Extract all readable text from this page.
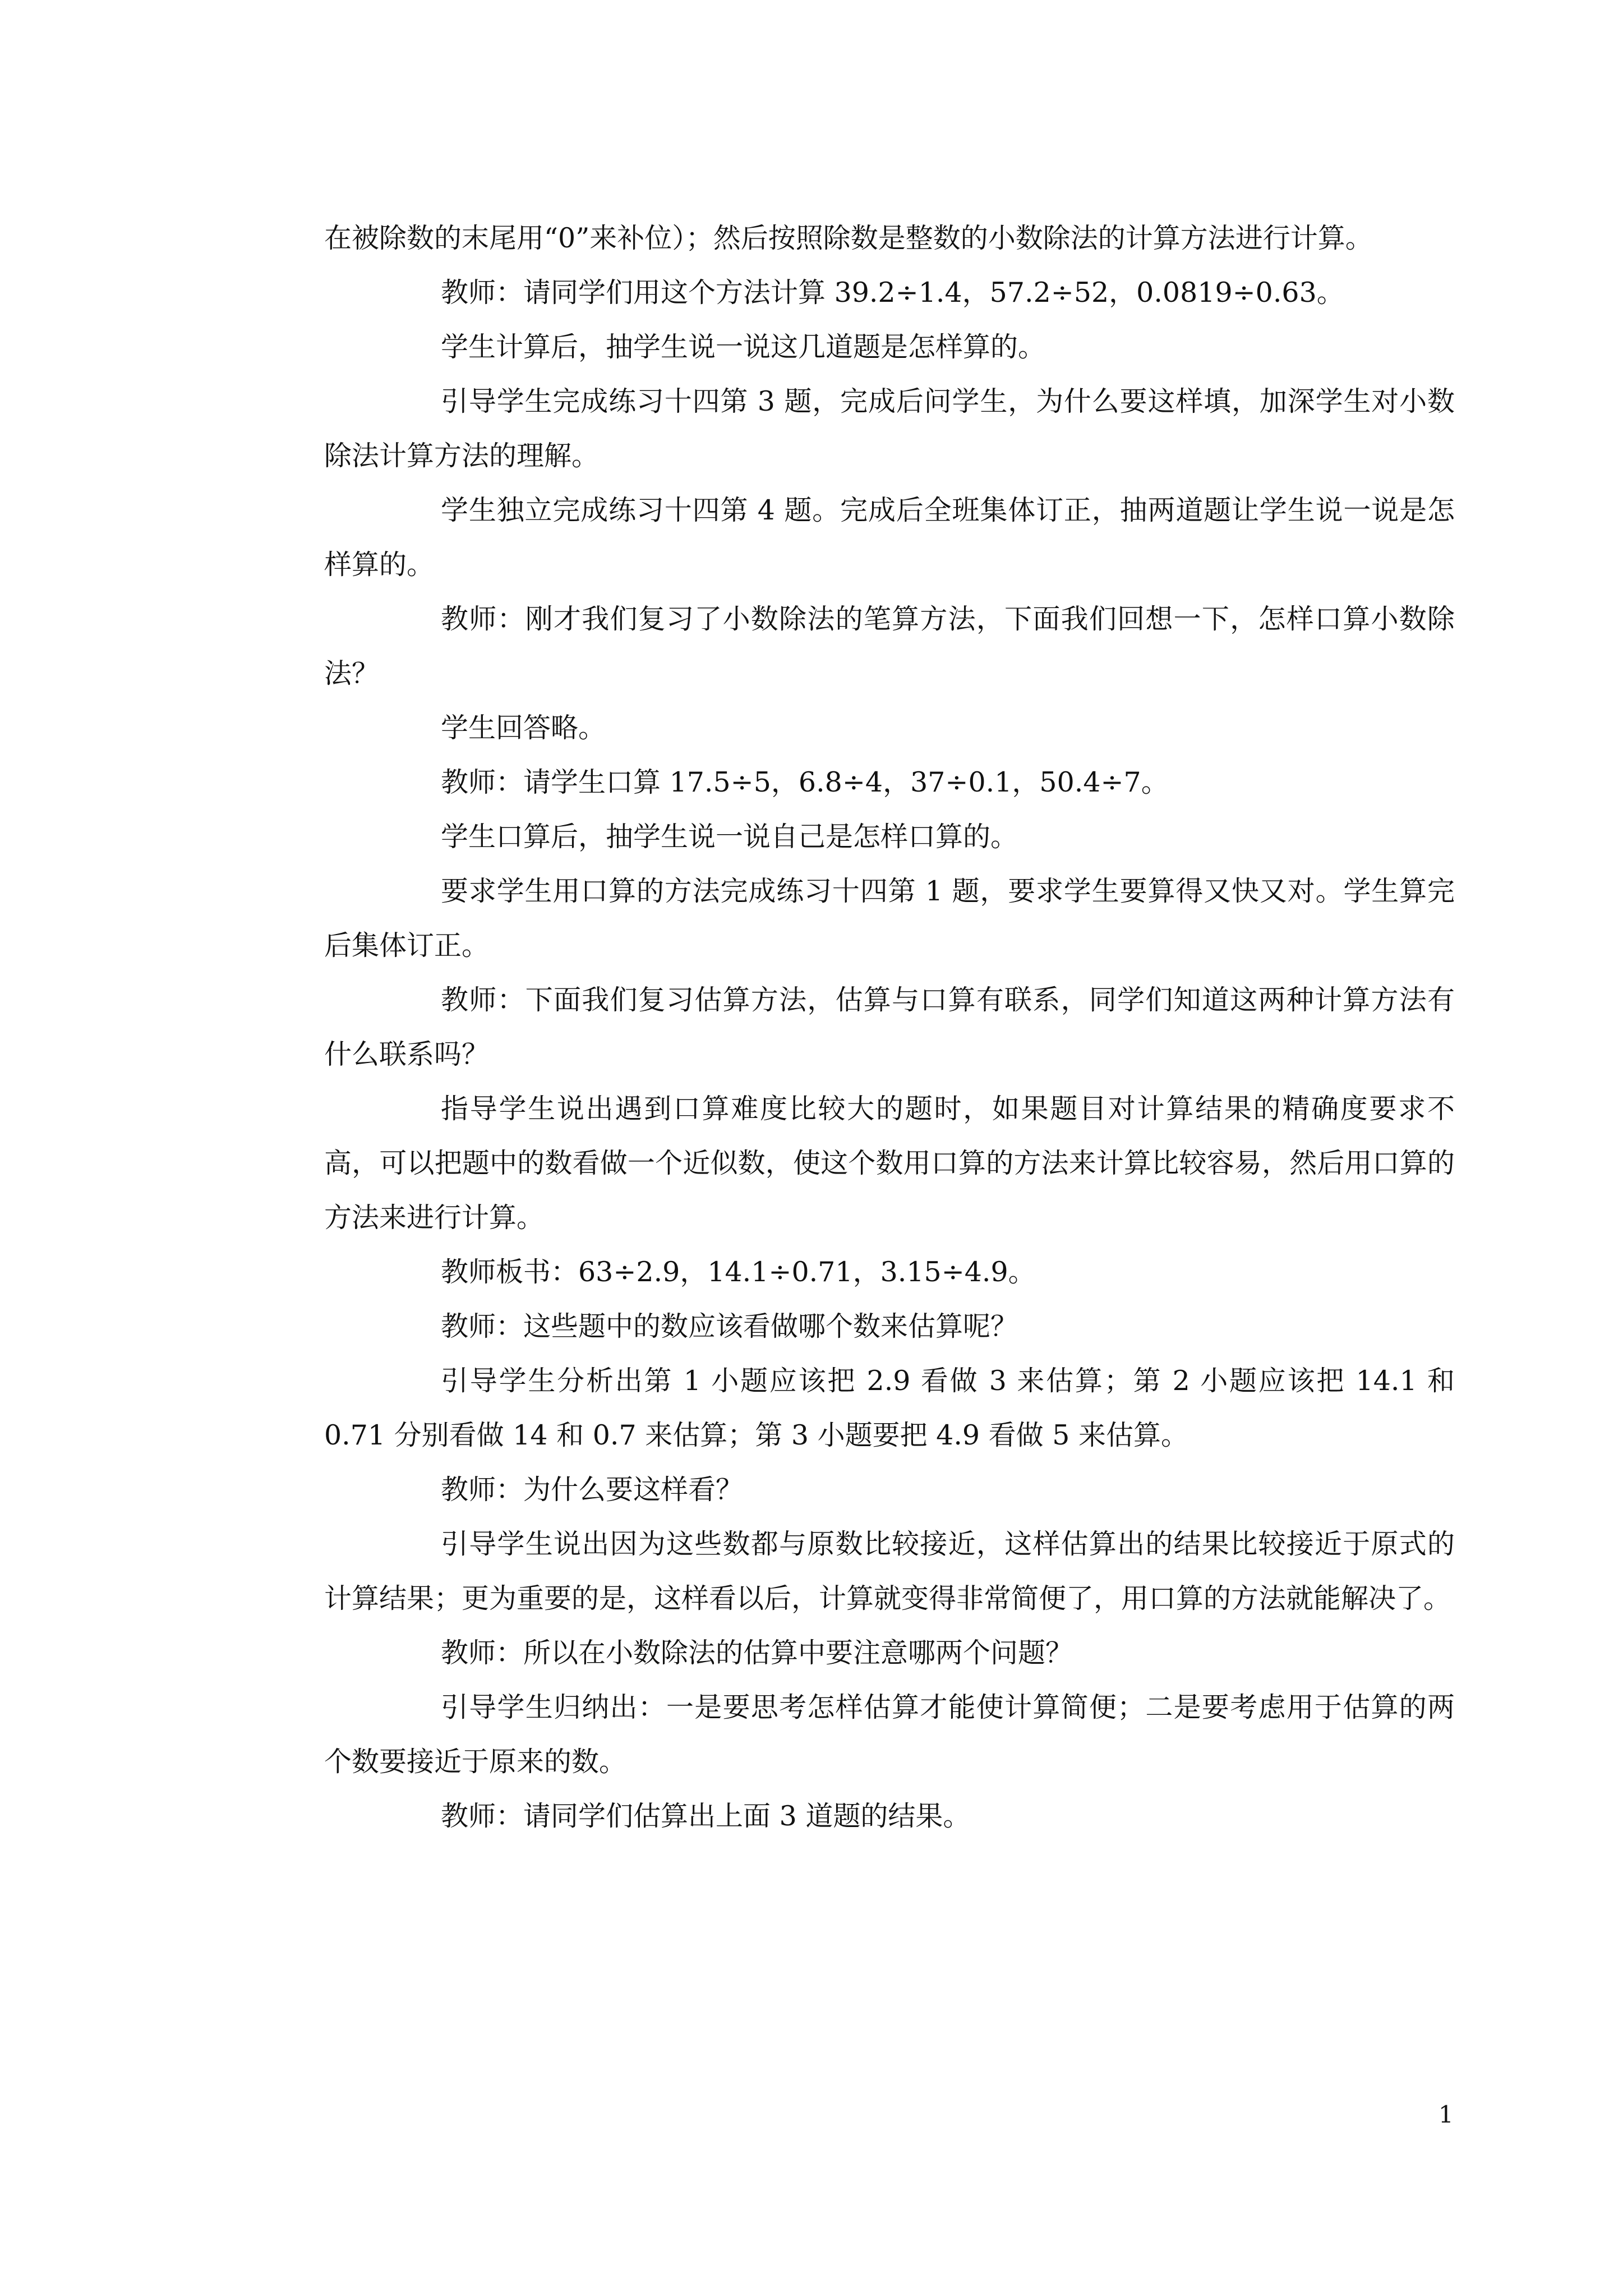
在被除数的末尾用“0”来补位）；然后按照除数是整数的小数除法的计算方法进行计算。

教师：请同学们用这个方法计算 39.2÷1.4，57.2÷52，0.0819÷0.63。

学生计算后，抽学生说一说这几道题是怎样算的。

引导学生完成练习十四第 3 题，完成后问学生，为什么要这样填，加深学生对小数除法计算方法的理解。

学生独立完成练习十四第 4 题。完成后全班集体订正，抽两道题让学生说一说是怎样算的。

教师：刚才我们复习了小数除法的笔算方法，下面我们回想一下，怎样口算小数除法？

学生回答略。

教师：请学生口算 17.5÷5，6.8÷4，37÷0.1，50.4÷7。

学生口算后，抽学生说一说自己是怎样口算的。

要求学生用口算的方法完成练习十四第 1 题，要求学生要算得又快又对。学生算完后集体订正。

教师：下面我们复习估算方法，估算与口算有联系，同学们知道这两种计算方法有什么联系吗？

指导学生说出遇到口算难度比较大的题时，如果题目对计算结果的精确度要求不高，可以把题中的数看做一个近似数，使这个数用口算的方法来计算比较容易，然后用口算的方法来进行计算。

教师板书：63÷2.9，14.1÷0.71，3.15÷4.9。

教师：这些题中的数应该看做哪个数来估算呢？

引导学生分析出第 1 小题应该把 2.9 看做 3 来估算；第 2 小题应该把 14.1 和 0.71 分别看做 14 和 0.7 来估算；第 3 小题要把 4.9 看做 5 来估算。

教师：为什么要这样看？

引导学生说出因为这些数都与原数比较接近，这样估算出的结果比较接近于原式的计算结果；更为重要的是，这样看以后，计算就变得非常简便了，用口算的方法就能解决了。

教师：所以在小数除法的估算中要注意哪两个问题？

引导学生归纳出：一是要思考怎样估算才能使计算简便；二是要考虑用于估算的两个数要接近于原来的数。

教师：请同学们估算出上面 3 道题的结果。

1
